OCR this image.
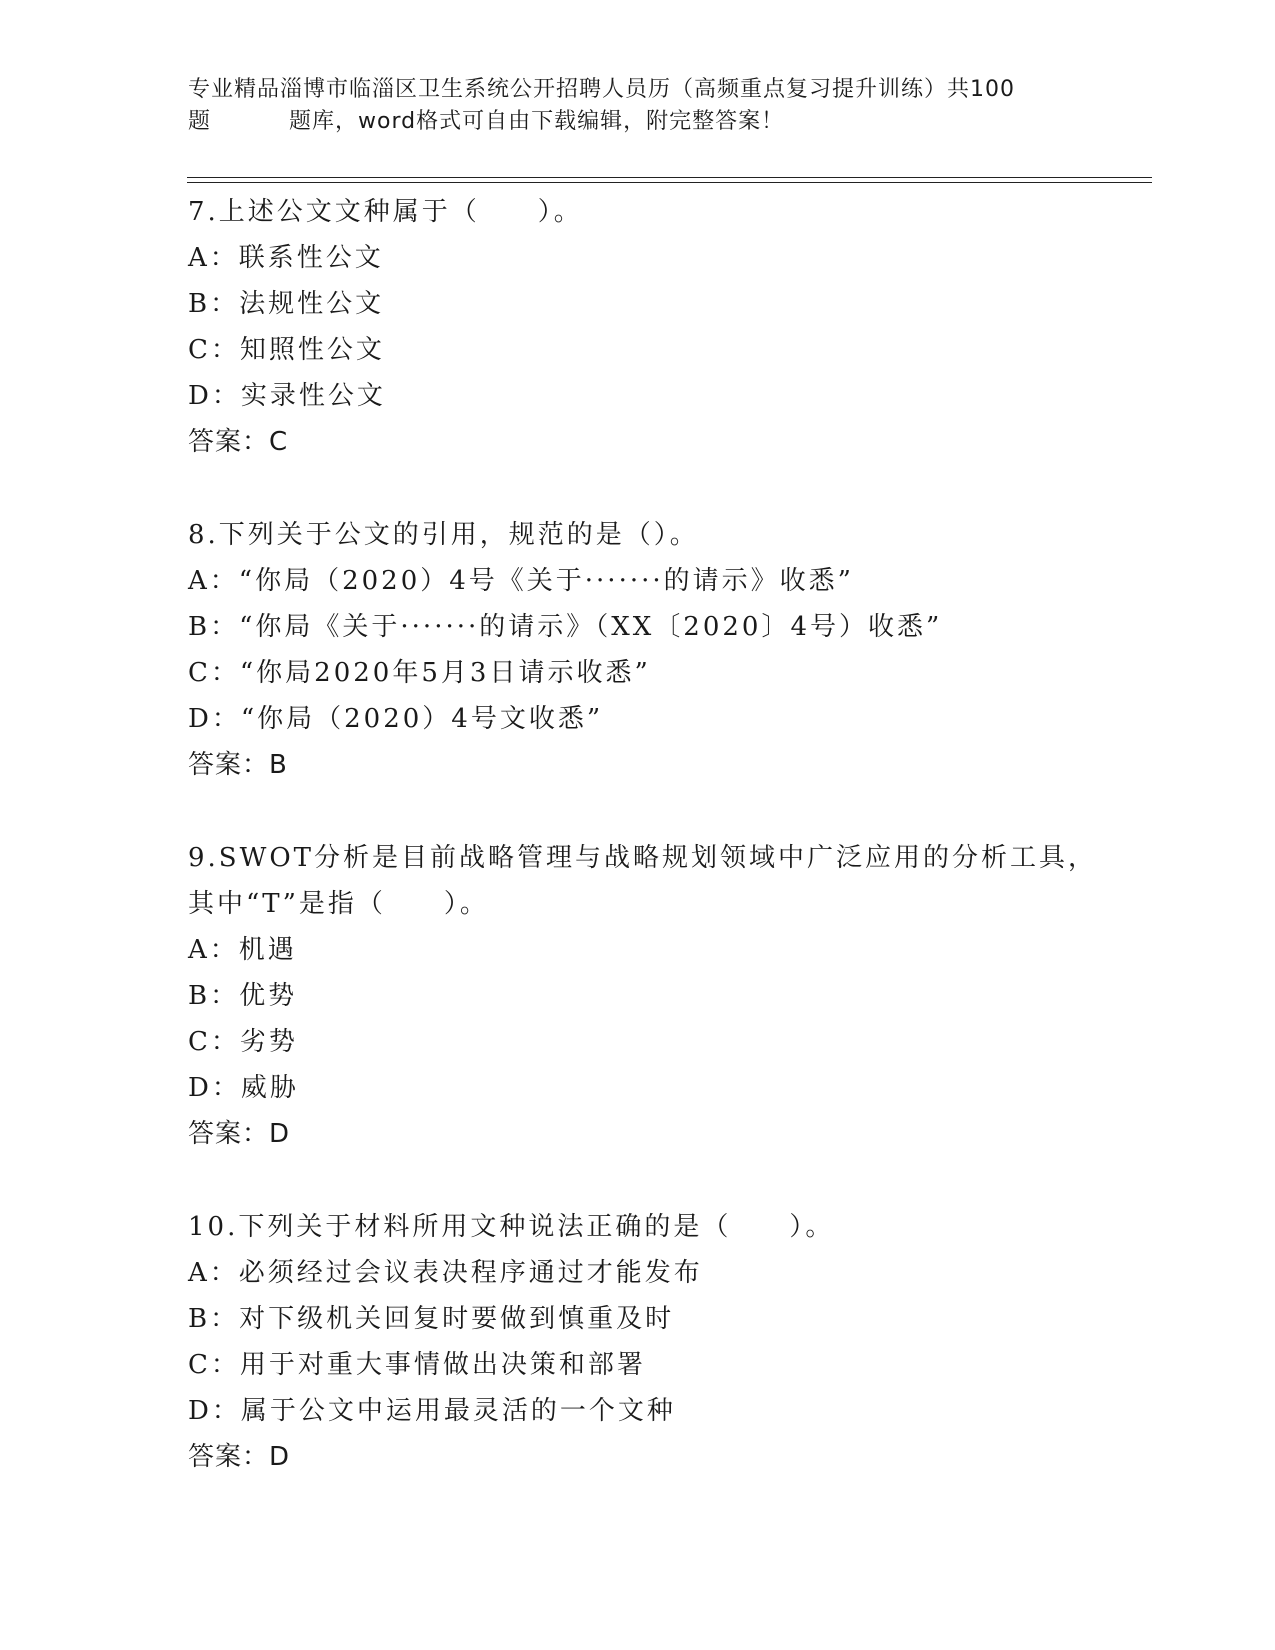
专业精品淄博市临淄区卫生系统公开招聘人员历（高频重点复习提升训练）共100
题	题库，word格式可自由下载编辑，附完整答案！
7.上述公文文种属于（　　）。
A：联系性公文
B：法规性公文
C：知照性公文
D：实录性公文
答案：C
8.下列关于公文的引用，规范的是（）。
A：“你局（2020）4号《关于·······的请示》收悉”
B：“你局《关于·······的请示》（XX〔2020〕4号）收悉”
C：“你局2020年5月3日请示收悉”
D：“你局（2020）4号文收悉”
答案：B
9.SWOT分析是目前战略管理与战略规划领域中广泛应用的分析工具，
其中“T”是指（　　）。
A：机遇
B：优势
C：劣势
D：威胁
答案：D
10.下列关于材料所用文种说法正确的是（　　）。
A：必须经过会议表决程序通过才能发布
B：对下级机关回复时要做到慎重及时
C：用于对重大事情做出决策和部署
D：属于公文中运用最灵活的一个文种
答案：D
